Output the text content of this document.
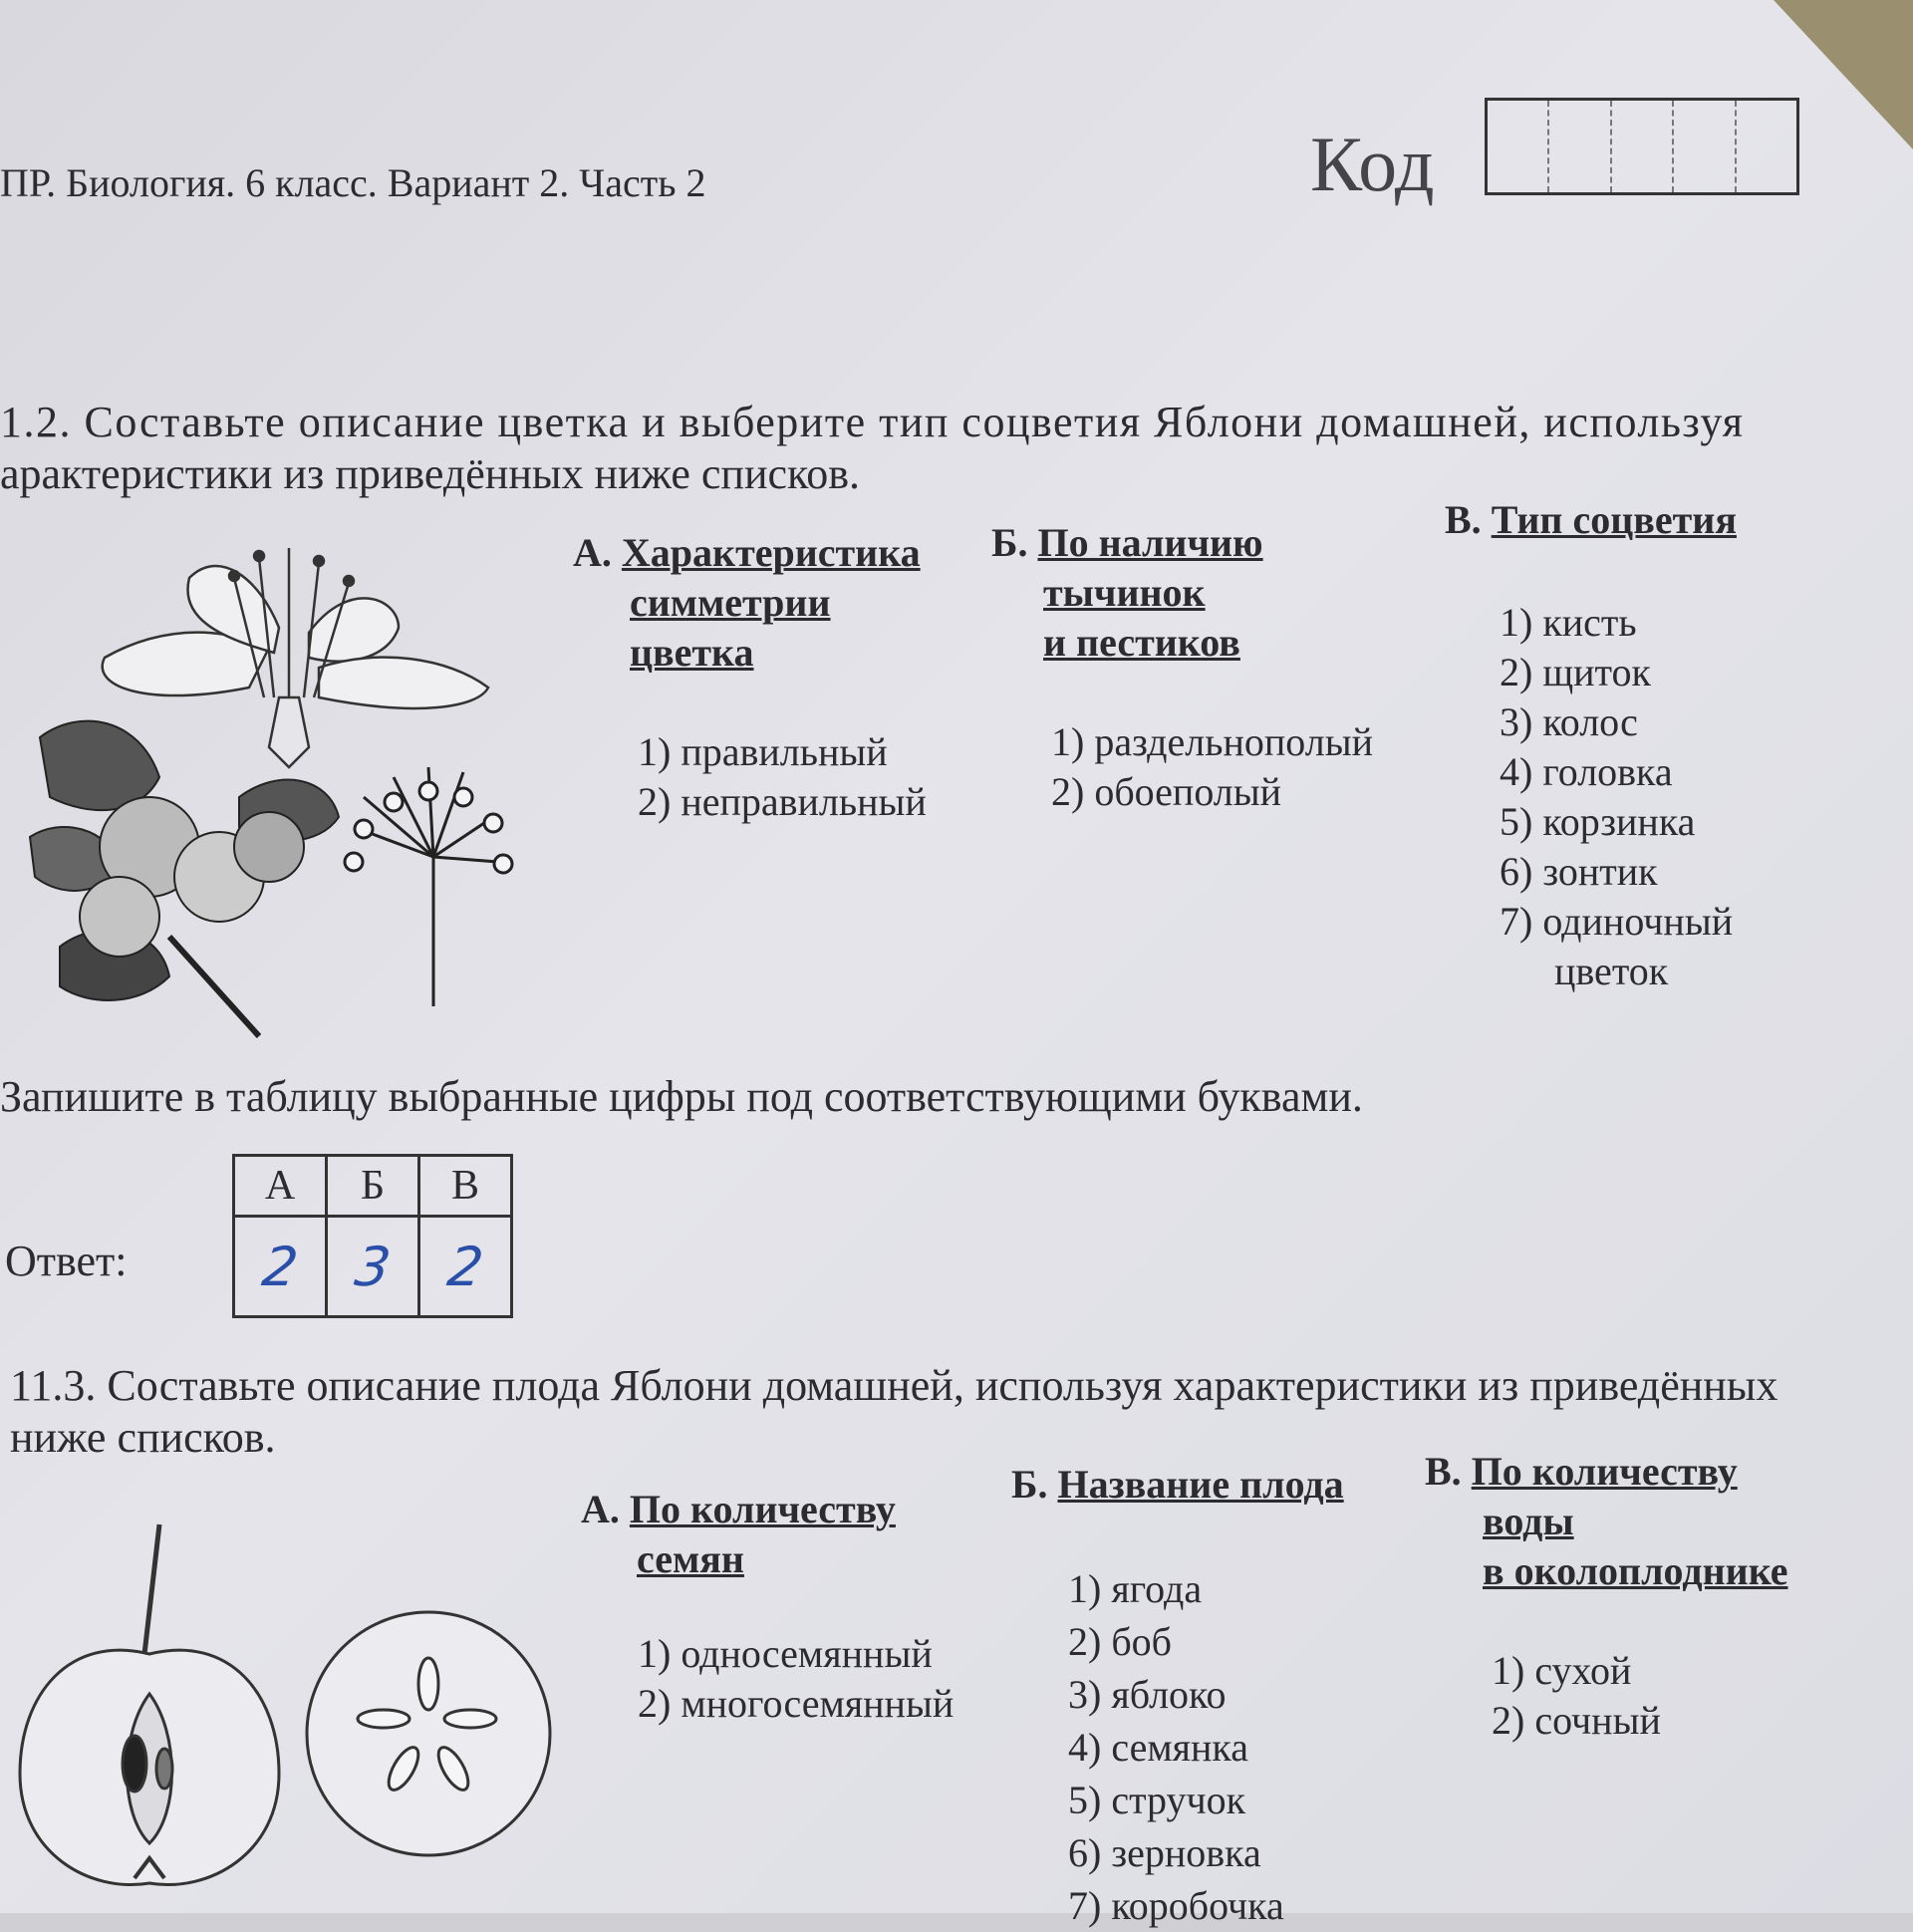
ПР. Биология. 6 класс. Вариант 2. Часть 2	Код
1.2. Составьте описание цветка и выберите тип соцветия Яблони домашней, используя
арактеристики из приведённых ниже списков.
А. Характеристика
симметрии
цветка
1) правильный
2) неправильный
Б. По наличию
тычинок
и пестиков
1) раздельнополый
2) обоеполый
В. Тип соцветия
1) кисть
2) щиток
3) колос
4) головка
5) корзинка
6) зонтик
7) одиночный
цветок
Запишите в таблицу выбранные цифры под соответствующими буквами.
Ответ:
А	Б	В
2	3	2
11.3. Составьте описание плода Яблони домашней, используя характеристики из приведённых
ниже списков.
А. По количеству
семян
1) односемянный
2) многосемянный
Б. Название плода
1) ягода
2) боб
3) яблоко
4) семянка
5) стручок
6) зерновка
7) коробочка
В. По количеству
воды
в околоплоднике
1) сухой
2) сочный
